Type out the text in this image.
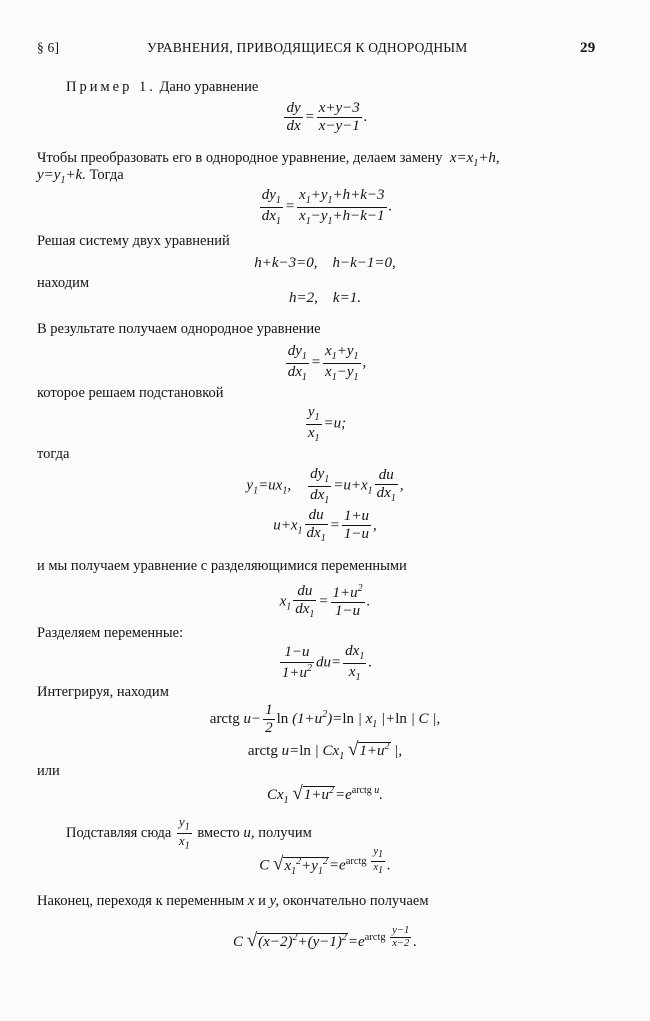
§ 6]	УРАВНЕНИЯ, ПРИВОДЯЩИЕСЯ К ОДНОРОДНЫМ	29
Пример 1. Дано уравнение
$\frac{dy}{dx} = \frac{x+y-3}{x-y-1}$ .
Чтобы преобразовать его в однородное уравнение, делаем замену  $x=x_1+h$,
$y=y_1+k$. Тогда
$\frac{dy_1}{dx_1} = \frac{x_1+y_1+h+k-3}{x_1-y_1+h-k-1}$ .
Решая систему двух уравнений
h+k−3=0,    h−k−1=0,
находим
h=2,    k=1.
В результате получаем однородное уравнение
$\frac{dy_1}{dx_1} = \frac{x_1+y_1}{x_1-y_1}$ ,
которое решаем подстановкой
$\frac{y_1}{x_1} =u$;
тогда
$y_1=ux_1$, $\frac{dy_1}{dx_1} =u+x_1 \frac{du}{dx_1}$ ,
$u+x_1 \frac{du}{dx_1} = \frac{1+u}{1-u}$ ,
и мы получаем уравнение с разделяющимися переменными
$x_1 \frac{du}{dx_1} = \frac{1+u^2}{1-u}$ .
Разделяем переменные:
$\frac{1-u}{1+u^2} du= \frac{dx_1}{x_1}$ .
Интегрируя, находим
arctg $u- \frac{1}{2}$ $\ln (1+u^2)=\ln$ | $x_1$ |+ln | C |,
arctg u=ln | $Cx_1$ $√1+u^2$ |,
или
$Cx_1$ $√1+u^2=e^{arctg u}$.
Подставляя сюда $\frac{y_1}{x_1}$ вместо u, получим
C $√x_1^2+y_1^2=e^{arctg \frac{y_1}{x_1}}$ .
Наконец, переходя к переменным x и y, окончательно получаем
C $√(x-2)^2+(y-1)^2=e^{arctg \frac{y-1}{x-2}}$ .
